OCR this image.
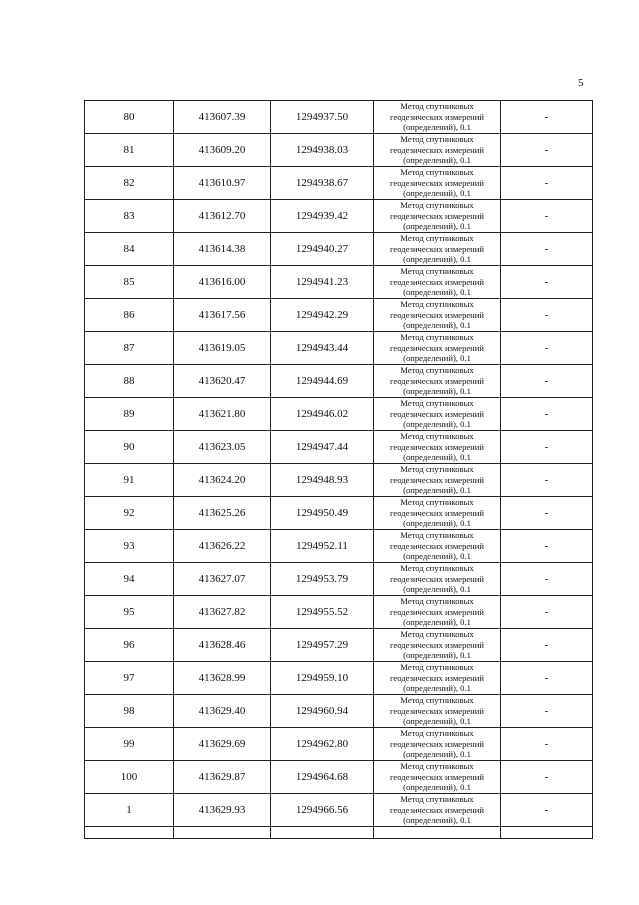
5
80	413607.39	1294937.50	Метод спутниковых
геодезических измерений
(определений), 0.1	-
81	413609.20	1294938.03	Метод спутниковых
геодезических измерений
(определений), 0.1	-
82	413610.97	1294938.67	Метод спутниковых
геодезических измерений
(определений), 0.1	-
83	413612.70	1294939.42	Метод спутниковых
геодезических измерений
(определений), 0.1	-
84	413614.38	1294940.27	Метод спутниковых
геодезических измерений
(определений), 0.1	-
85	413616.00	1294941.23	Метод спутниковых
геодезических измерений
(определений), 0.1	-
86	413617.56	1294942.29	Метод спутниковых
геодезических измерений
(определений), 0.1	-
87	413619.05	1294943.44	Метод спутниковых
геодезических измерений
(определений), 0.1	-
88	413620.47	1294944.69	Метод спутниковых
геодезических измерений
(определений), 0.1	-
89	413621.80	1294946.02	Метод спутниковых
геодезических измерений
(определений), 0.1	-
90	413623.05	1294947.44	Метод спутниковых
геодезических измерений
(определений), 0.1	-
91	413624.20	1294948.93	Метод спутниковых
геодезических измерений
(определений), 0.1	-
92	413625.26	1294950.49	Метод спутниковых
геодезических измерений
(определений), 0.1	-
93	413626.22	1294952.11	Метод спутниковых
геодезических измерений
(определений), 0.1	-
94	413627.07	1294953.79	Метод спутниковых
геодезических измерений
(определений), 0.1	-
95	413627.82	1294955.52	Метод спутниковых
геодезических измерений
(определений), 0.1	-
96	413628.46	1294957.29	Метод спутниковых
геодезических измерений
(определений), 0.1	-
97	413628.99	1294959.10	Метод спутниковых
геодезических измерений
(определений), 0.1	-
98	413629.40	1294960.94	Метод спутниковых
геодезических измерений
(определений), 0.1	-
99	413629.69	1294962.80	Метод спутниковых
геодезических измерений
(определений), 0.1	-
100	413629.87	1294964.68	Метод спутниковых
геодезических измерений
(определений), 0.1	-
1	413629.93	1294966.56	Метод спутниковых
геодезических измерений
(определений), 0.1	-
